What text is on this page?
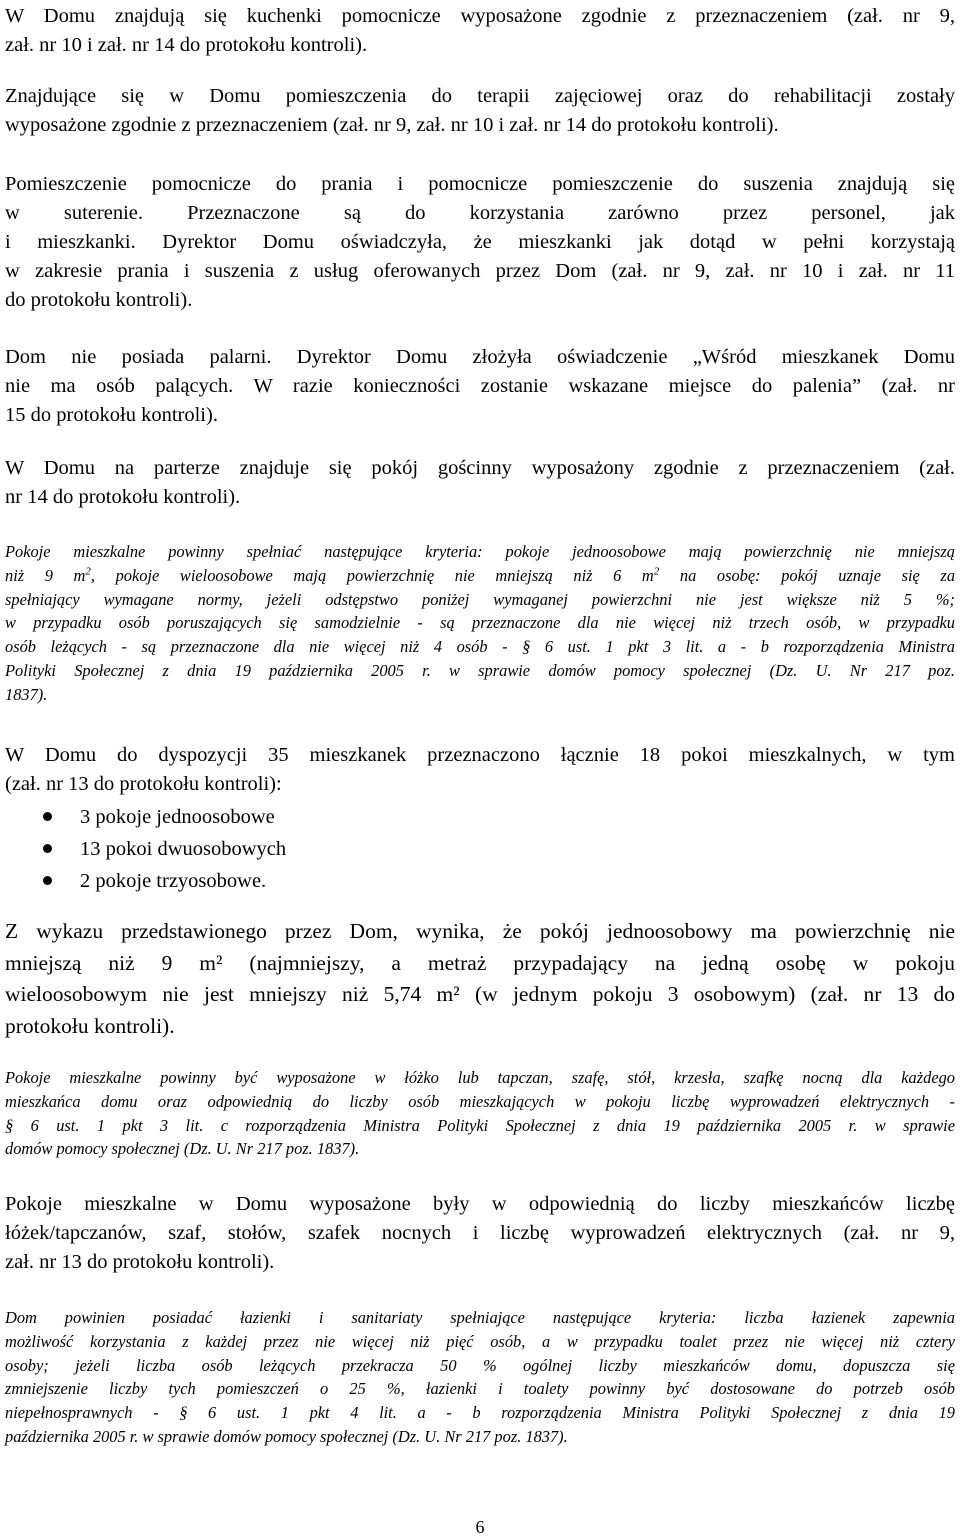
W Domu znajdują się kuchenki pomocnicze wyposażone zgodnie z przeznaczeniem (zał. nr 9,
zał. nr 10 i zał. nr 14 do protokołu kontroli).
Znajdujące się w Domu pomieszczenia do terapii zajęciowej oraz do rehabilitacji zostały
wyposażone zgodnie z przeznaczeniem (zał. nr 9, zał. nr 10 i zał. nr 14 do protokołu kontroli).
Pomieszczenie pomocnicze do prania i pomocnicze pomieszczenie do suszenia znajdują się
w suterenie. Przeznaczone są do korzystania zarówno przez personel, jak
i mieszkanki. Dyrektor Domu oświadczyła, że mieszkanki jak dotąd w pełni korzystają
w zakresie prania i suszenia z usług oferowanych przez Dom (zał. nr 9, zał. nr 10 i zał. nr 11
do protokołu kontroli).
Dom nie posiada palarni. Dyrektor Domu złożyła oświadczenie „Wśród mieszkanek Domu
nie ma osób palących. W razie konieczności zostanie wskazane miejsce do palenia” (zał. nr
15 do protokołu kontroli).
W Domu na parterze znajduje się pokój gościnny wyposażony zgodnie z przeznaczeniem (zał.
nr 14 do protokołu kontroli).
Pokoje mieszkalne powinny spełniać następujące kryteria: pokoje jednoosobowe mają powierzchnię nie mniejszą
niż 9 $m^2$, pokoje wieloosobowe mają powierzchnię nie mniejszą niż 6 $m^2$ na osobę: pokój uznaje się za
spełniający wymagane normy, jeżeli odstępstwo poniżej wymaganej powierzchni nie jest większe niż 5 %;
w przypadku osób poruszających się samodzielnie - są przeznaczone dla nie więcej niż trzech osób, w przypadku
osób leżących - są przeznaczone dla nie więcej niż 4 osób - § 6 ust. 1 pkt 3 lit. a - b rozporządzenia Ministra
Polityki Społecznej z dnia 19 października 2005 r. w sprawie domów pomocy społecznej (Dz. U. Nr 217 poz.
1837).
W Domu do dyspozycji 35 mieszkanek przeznaczono łącznie 18 pokoi mieszkalnych, w tym
(zał. nr 13 do protokołu kontroli):
3 pokoje jednoosobowe
13 pokoi dwuosobowych
2 pokoje trzyosobowe.
Z wykazu przedstawionego przez Dom, wynika, że pokój jednoosobowy ma powierzchnię nie
mniejszą niż 9 m² (najmniejszy, a metraż przypadający na jedną osobę w pokoju
wieloosobowym nie jest mniejszy niż 5,74 m² (w jednym pokoju 3 osobowym) (zał. nr 13 do
protokołu kontroli).
Pokoje mieszkalne powinny być wyposażone w łóżko lub tapczan, szafę, stół, krzesła, szafkę nocną dla każdego
mieszkańca domu oraz odpowiednią do liczby osób mieszkających w pokoju liczbę wyprowadzeń elektrycznych -
§ 6 ust. 1 pkt 3 lit. c rozporządzenia Ministra Polityki Społecznej z dnia 19 października 2005 r. w sprawie
domów pomocy społecznej (Dz. U. Nr 217 poz. 1837).
Pokoje mieszkalne w Domu wyposażone były w odpowiednią do liczby mieszkańców liczbę
łóżek/tapczanów, szaf, stołów, szafek nocnych i liczbę wyprowadzeń elektrycznych (zał. nr 9,
zał. nr 13 do protokołu kontroli).
Dom powinien posiadać łazienki i sanitariaty spełniające następujące kryteria: liczba łazienek zapewnia
możliwość korzystania z każdej przez nie więcej niż pięć osób, a w przypadku toalet przez nie więcej niż cztery
osoby; jeżeli liczba osób leżących przekracza 50 % ogólnej liczby mieszkańców domu, dopuszcza się
zmniejszenie liczby tych pomieszczeń o 25 %, łazienki i toalety powinny być dostosowane do potrzeb osób
niepełnosprawnych - § 6 ust. 1 pkt 4 lit. a - b rozporządzenia Ministra Polityki Społecznej z dnia 19
października 2005 r. w sprawie domów pomocy społecznej (Dz. U. Nr 217 poz. 1837).
6
